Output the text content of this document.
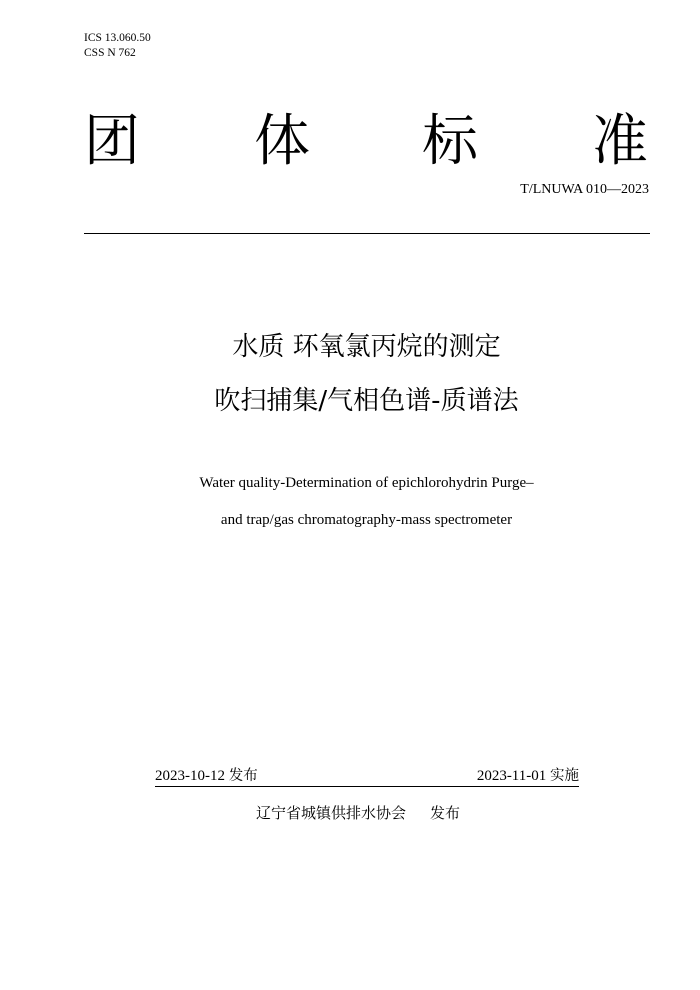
ICS 13.060.50
CSS N 762
团 体 标 准
T/LNUWA 010—2023
水质 环氧氯丙烷的测定
吹扫捕集/气相色谱-质谱法
Water quality-Determination of epichlorohydrin Purge–
and trap/gas chromatography-mass spectrometer
2023-10-12 发布	2023-11-01 实施
辽宁省城镇供排水协会 发布
